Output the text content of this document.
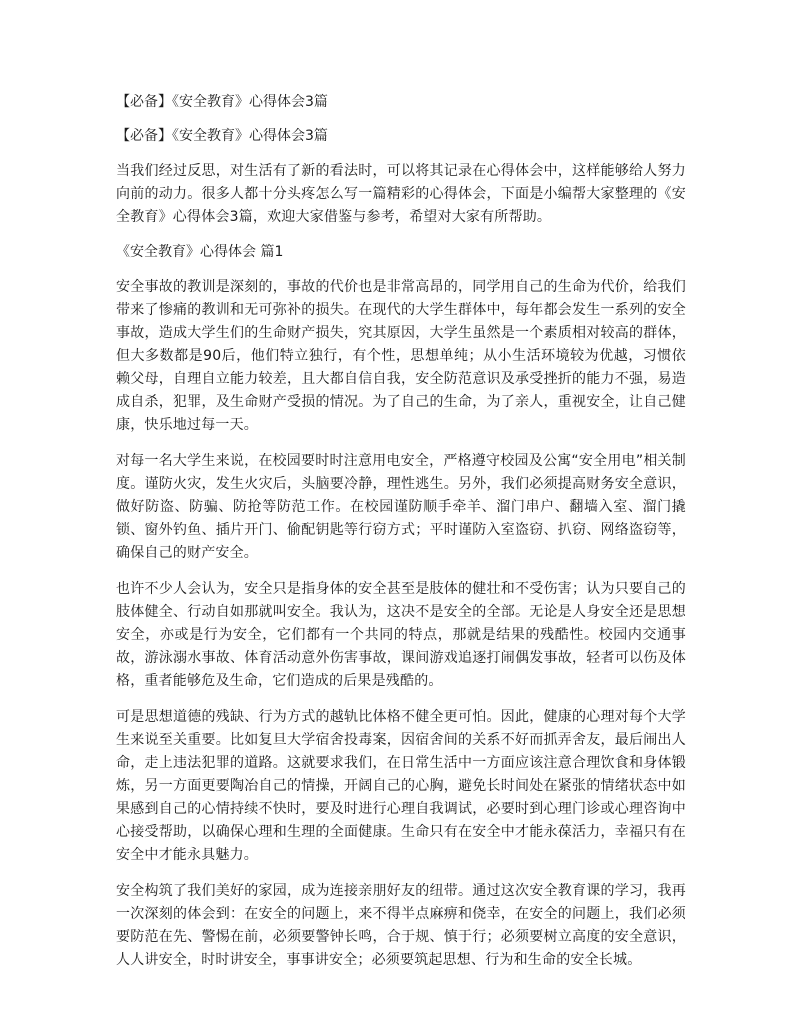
【必备】《安全教育》心得体会3篇

【必备】《安全教育》心得体会3篇

当我们经过反思，对生活有了新的看法时，可以将其记录在心得体会中，这样能够给人努力向前的动力。很多人都十分头疼怎么写一篇精彩的心得体会，下面是小编帮大家整理的《安全教育》心得体会3篇，欢迎大家借鉴与参考，希望对大家有所帮助。

《安全教育》心得体会 篇1

安全事故的教训是深刻的，事故的代价也是非常高昂的，同学用自己的生命为代价，给我们带来了惨痛的教训和无可弥补的损失。在现代的大学生群体中，每年都会发生一系列的安全事故，造成大学生们的生命财产损失，究其原因，大学生虽然是一个素质相对较高的群体，但大多数都是90后，他们特立独行，有个性，思想单纯；从小生活环境较为优越，习惯依赖父母，自理自立能力较差，且大都自信自我，安全防范意识及承受挫折的能力不强，易造成自杀，犯罪，及生命财产受损的情况。为了自己的生命，为了亲人，重视安全，让自己健康，快乐地过每一天。

对每一名大学生来说，在校园要时时注意用电安全，严格遵守校园及公寓“安全用电”相关制度。谨防火灾，发生火灾后，头脑要冷静，理性逃生。另外，我们必须提高财务安全意识，做好防盗、防骗、防抢等防范工作。在校园谨防顺手牵羊、溜门串户、翻墙入室、溜门撬锁、窗外钓鱼、插片开门、偷配钥匙等行窃方式；平时谨防入室盗窃、扒窃、网络盗窃等，确保自己的财产安全。

也许不少人会认为，安全只是指身体的安全甚至是肢体的健壮和不受伤害；认为只要自己的肢体健全、行动自如那就叫安全。我认为，这决不是安全的全部。无论是人身安全还是思想安全，亦或是行为安全，它们都有一个共同的特点，那就是结果的残酷性。校园内交通事故，游泳溺水事故、体育活动意外伤害事故，课间游戏追逐打闹偶发事故，轻者可以伤及体格，重者能够危及生命，它们造成的后果是残酷的。

可是思想道德的残缺、行为方式的越轨比体格不健全更可怕。因此，健康的心理对每个大学生来说至关重要。比如复旦大学宿舍投毒案，因宿舍间的关系不好而抓弄舍友，最后闹出人命，走上违法犯罪的道路。这就要求我们，在日常生活中一方面应该注意合理饮食和身体锻炼，另一方面更要陶冶自己的情操，开阔自己的心胸，避免长时间处在紧张的情绪状态中如果感到自己的心情持续不快时，要及时进行心理自我调试，必要时到心理门诊或心理咨询中心接受帮助，以确保心理和生理的全面健康。生命只有在安全中才能永葆活力，幸福只有在安全中才能永具魅力。

安全构筑了我们美好的家园，成为连接亲朋好友的纽带。通过这次安全教育课的学习，我再一次深刻的体会到：在安全的问题上，来不得半点麻痹和侥幸，在安全的问题上，我们必须要防范在先、警惕在前，必须要警钟长鸣，合于规、慎于行；必须要树立高度的安全意识，人人讲安全，时时讲安全，事事讲安全；必须要筑起思想、行为和生命的安全长城。
